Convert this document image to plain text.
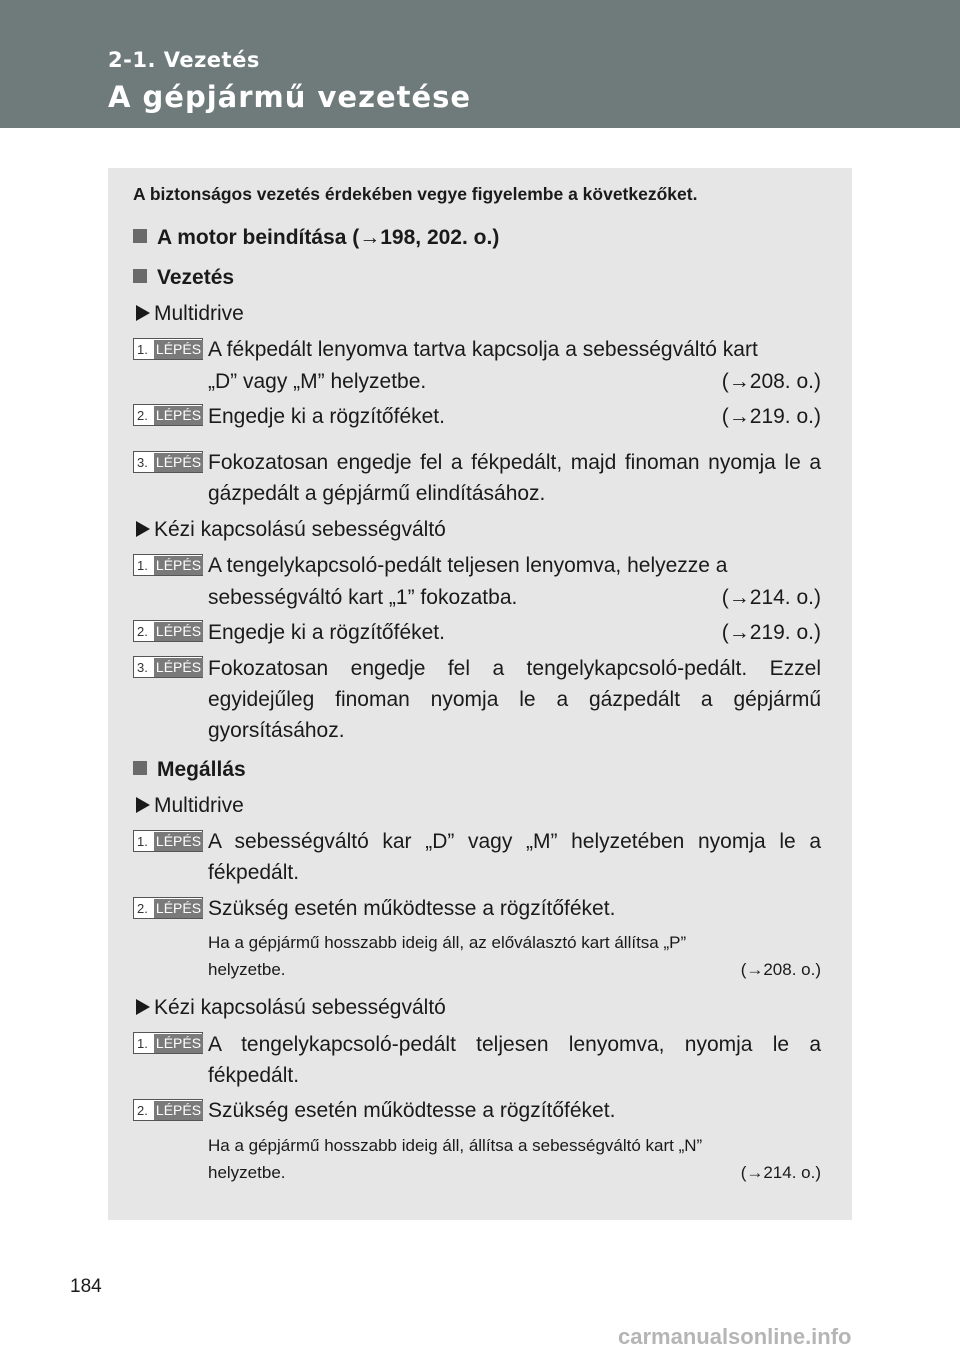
2-1. Vezetés
A gépjármű vezetése
A biztonságos vezetés érdekében vegye figyelembe a következőket.
A motor beindítása (→198, 202. o.)
Vezetés
Multidrive
1. LÉPÉS A fékpedált lenyomva tartva kapcsolja a sebességváltó kart
„D” vagy „M” helyzetbe.	(→208. o.)
2. LÉPÉS Engedje ki a rögzítőféket.	(→219. o.)
3. LÉPÉS Fokozatosan engedje fel a fékpedált, majd finoman nyomja le a gázpedált a gépjármű elindításához.
Kézi kapcsolású sebességváltó
1. LÉPÉS A tengelykapcsoló-pedált teljesen lenyomva, helyezze a
sebességváltó kart „1” fokozatba.	(→214. o.)
2. LÉPÉS Engedje ki a rögzítőféket.	(→219. o.)
3. LÉPÉS Fokozatosan engedje fel a tengelykapcsoló-pedált. Ezzel egyidejűleg finoman nyomja le a gázpedált a gépjármű gyorsításához.
Megállás
Multidrive
1. LÉPÉS A sebességváltó kar „D” vagy „M” helyzetében nyomja le a fékpedált.
2. LÉPÉS Szükség esetén működtesse a rögzítőféket.
Ha a gépjármű hosszabb ideig áll, az előválasztó kart állítsa „P”
helyzetbe.	(→208. o.)
Kézi kapcsolású sebességváltó
1. LÉPÉS A tengelykapcsoló-pedált teljesen lenyomva, nyomja le a fékpedált.
2. LÉPÉS Szükség esetén működtesse a rögzítőféket.
Ha a gépjármű hosszabb ideig áll, állítsa a sebességváltó kart „N”
helyzetbe.	(→214. o.)
184
carmanualsonline.info
